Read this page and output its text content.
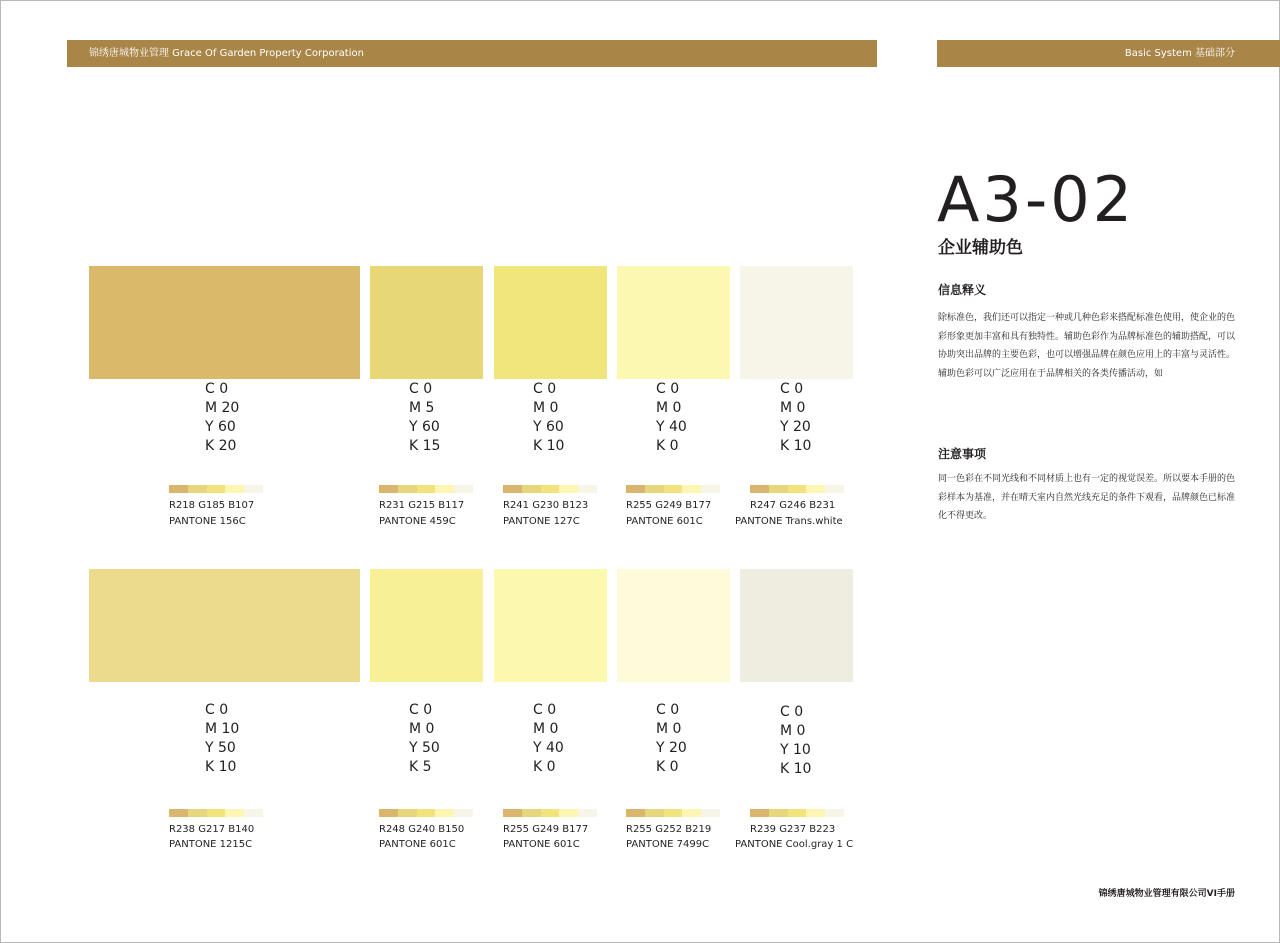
锦绣唐城物业管理 Grace Of Garden Property Corporation	Basic System 基础部分
A3-02
企业辅助色
信息释义
除标准色，我们还可以指定一种或几种色彩来搭配标准色使用，使企业的色彩形象更加丰富和具有独特性。辅助色彩作为品牌标准色的辅助搭配，可以协助突出品牌的主要色彩，也可以增强品牌在颜色应用上的丰富与灵活性。辅助色彩可以广泛应用在于品牌相关的各类传播活动，如
注意事项
同一色彩在不同光线和不同材质上也有一定的视觉误差。所以要本手册的色彩样本为基准，并在晴天室内自然光线充足的条件下观看，品牌颜色已标准化不得更改。
C 0
M 20
Y 60
K 20
R218 G185 B107
PANTONE 156C
C 0
M 5
Y 60
K 15
R231 G215 B117
PANTONE 459C
C 0
M 0
Y 60
K 10
R241 G230 B123
PANTONE 127C
C 0
M 0
Y 40
K 0
R255 G249 B177
PANTONE 601C
C 0
M 0
Y 20
K 10
R247 G246 B231
PANTONE Trans.white
C 0
M 10
Y 50
K 10
R238 G217 B140
PANTONE 1215C
C 0
M 0
Y 50
K 5
R248 G240 B150
PANTONE 601C
C 0
M 0
Y 40
K 0
R255 G249 B177
PANTONE 601C
C 0
M 0
Y 20
K 0
R255 G252 B219
PANTONE 7499C
C 0
M 0
Y 10
K 10
R239 G237 B223
PANTONE Cool.gray 1 C
锦绣唐城物业管理有限公司VI手册
